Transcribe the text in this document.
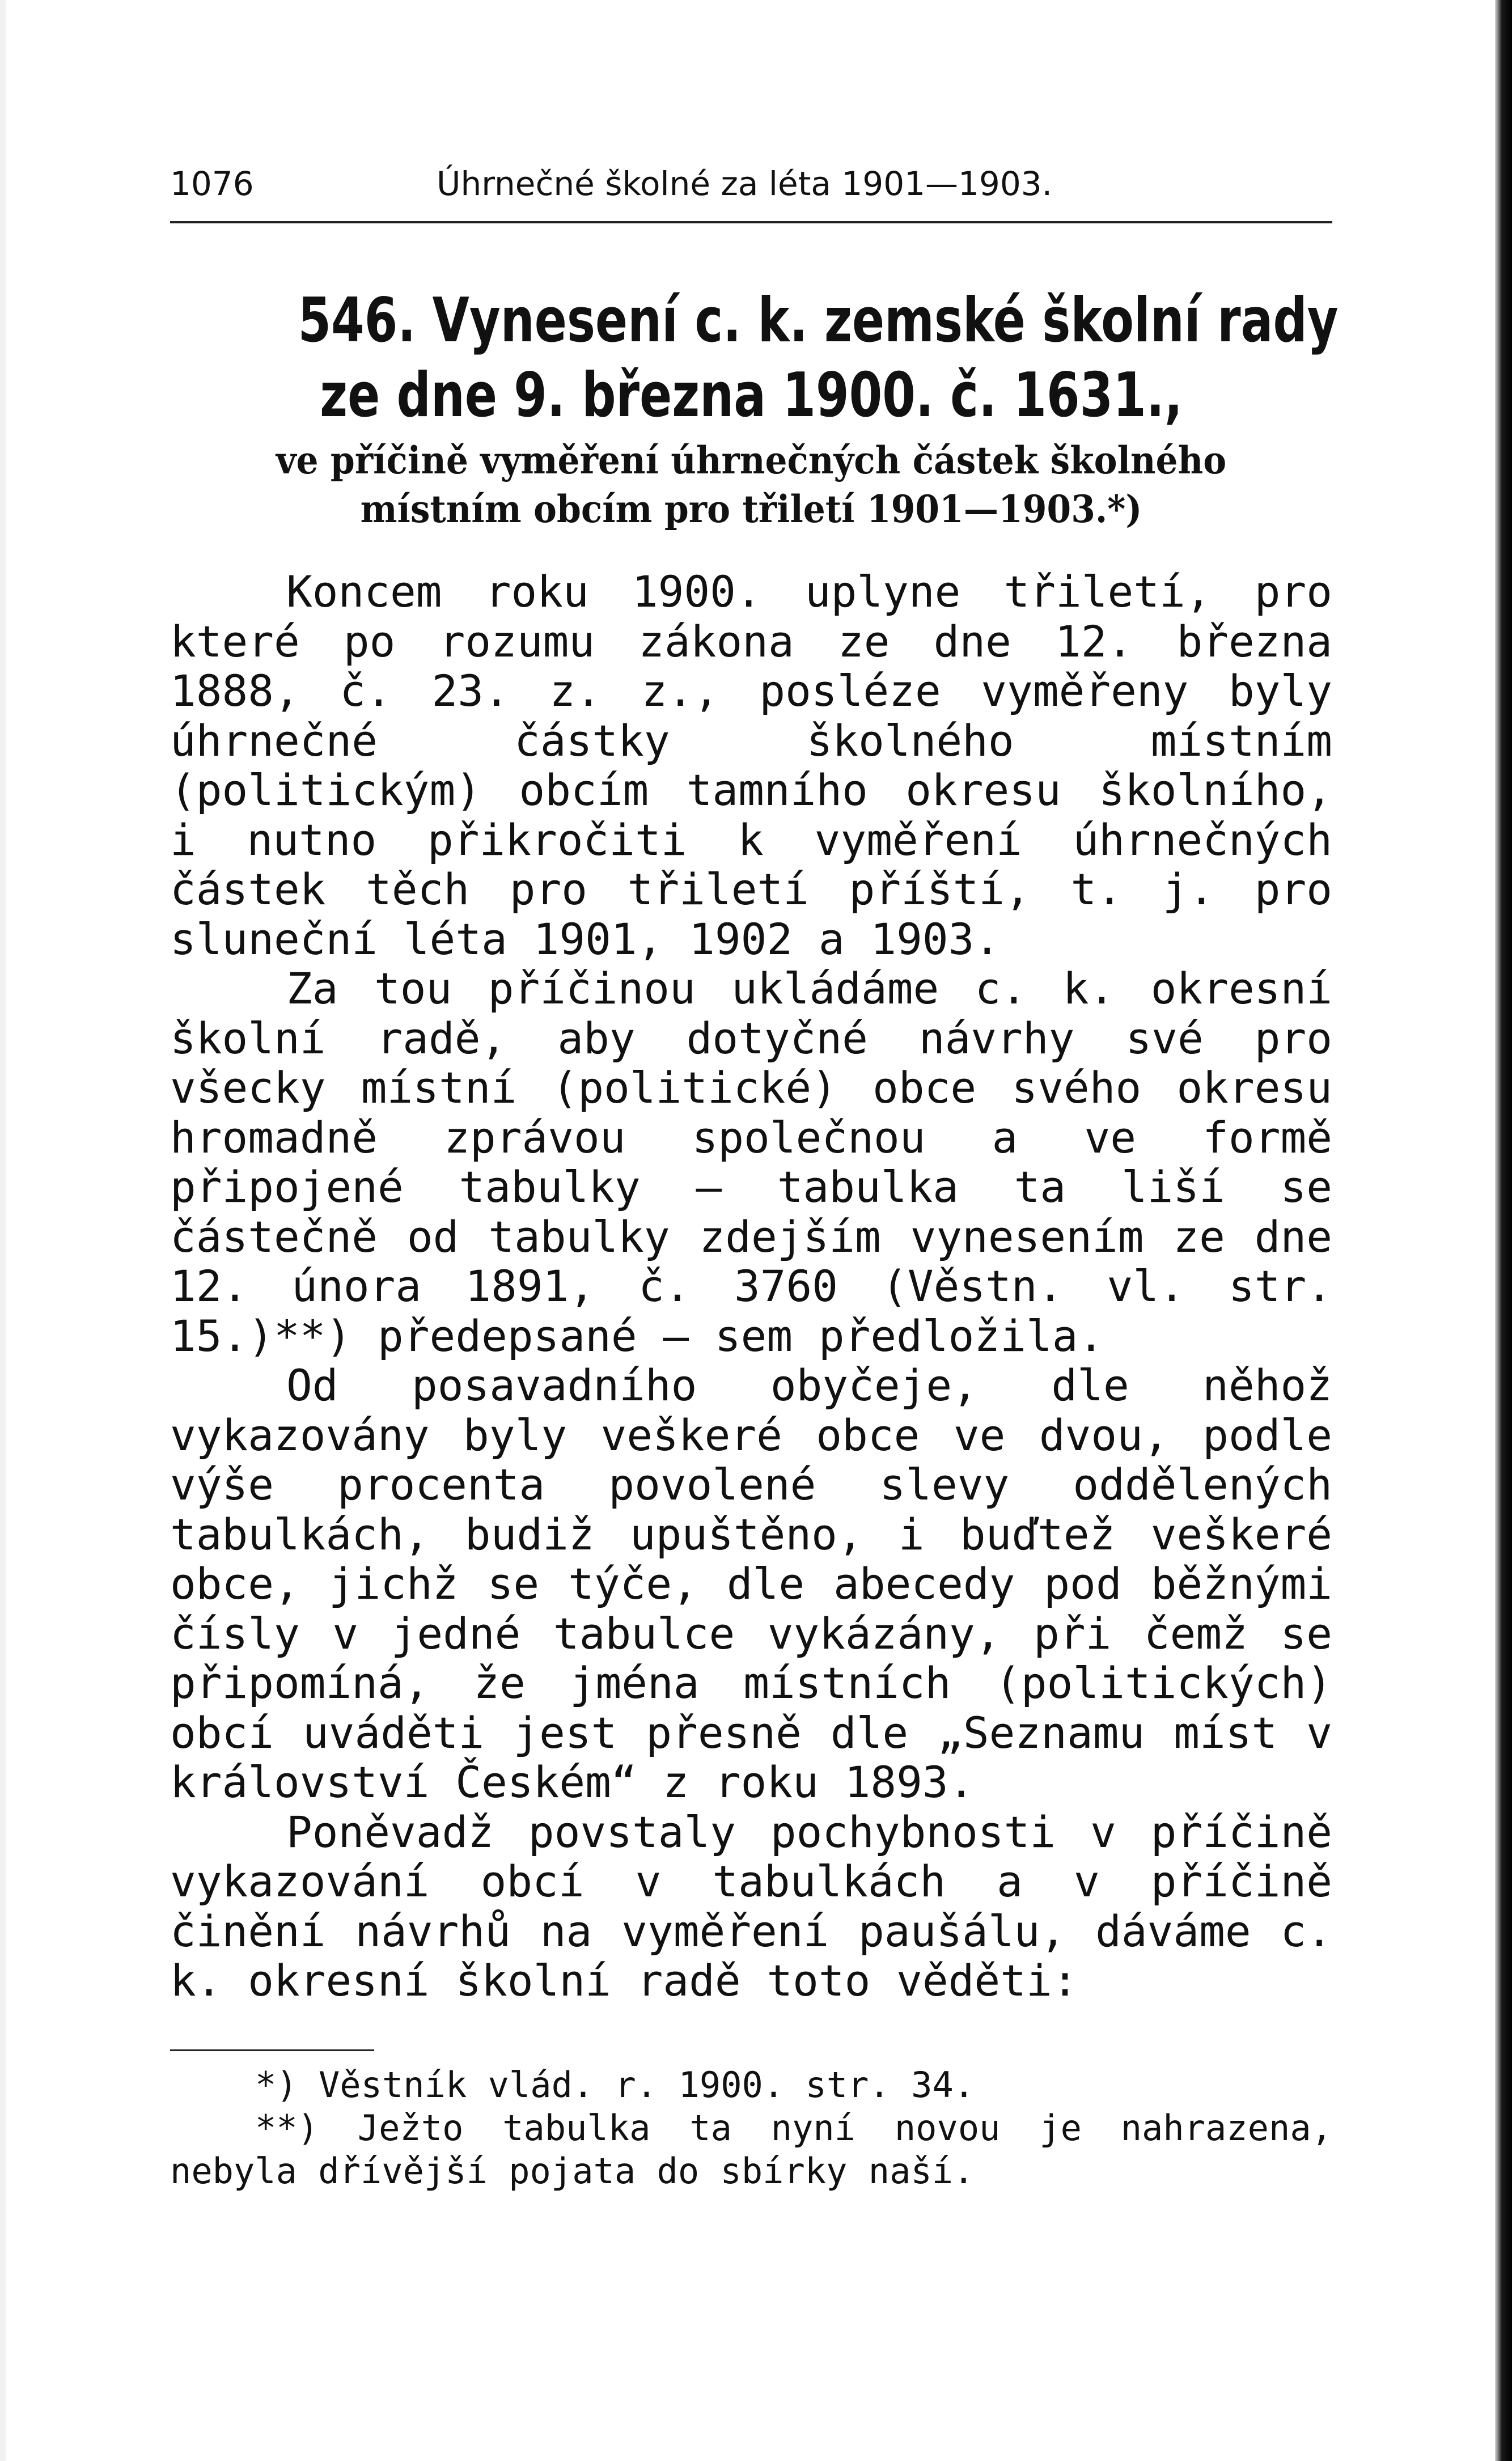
1076	Úhrnečné školné za léta 1901—1903.
546. Vynesení c. k. zemské školní rady
ze dne 9. března 1900. č. 1631.,
ve příčině vyměření úhrnečných částek školného
místním obcím pro třiletí 1901—1903.*)

Koncem roku 1900. uplyne třiletí, pro které po rozumu zákona ze dne 12. března 1888, č. 23. z. z., posléze vyměřeny byly úhrnečné částky školného místním (politickým) obcím tamního okresu školního, i nutno přikročiti k vyměření úhrnečných částek těch pro třiletí příští, t. j. pro sluneční léta 1901, 1902 a 1903.

Za tou příčinou ukládáme c. k. okresní školní radě, aby dotyčné návrhy své pro všecky místní (politické) obce svého okresu hromadně zprávou společnou a ve formě připojené tabulky — tabulka ta liší se částečně od tabulky zdejším vynesením ze dne 12. února 1891, č. 3760 (Věstn. vl. str. 15.)**) předepsané — sem předložila.

Od posavadního obyčeje, dle něhož vykazovány byly veškeré obce ve dvou, podle výše procenta povolené slevy oddělených tabulkách, budiž upuštěno, i buďtež veškeré obce, jichž se týče, dle abecedy pod běžnými čísly v jedné tabulce vykázány, při čemž se připomíná, že jména místních (politických) obcí uváděti jest přesně dle „Seznamu míst v království Českém“ z roku 1893.

Poněvadž povstaly pochybnosti v příčině vykazování obcí v tabulkách a v příčině činění návrhů na vyměření paušálu, dáváme c. k. okresní školní radě toto věděti:

*) Věstník vlád. r. 1900. str. 34.

**) Ježto tabulka ta nyní novou je nahrazena, nebyla dřívější pojata do sbírky naší.
